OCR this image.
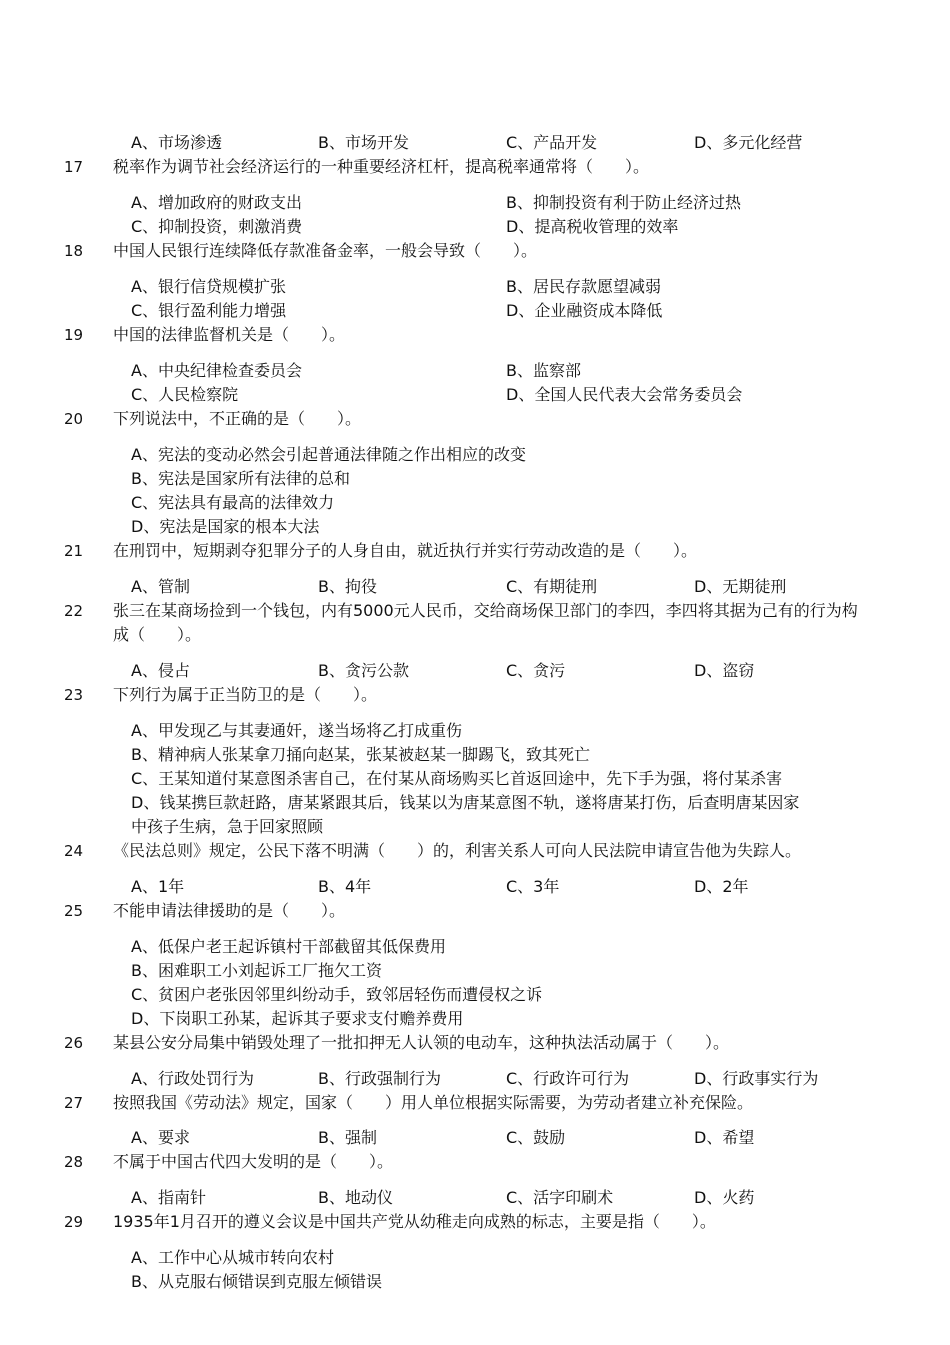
A、市场渗透	B、市场开发	C、产品开发	D、多元化经营
17 税率作为调节社会经济运行的一种重要经济杠杆，提高税率通常将（　　）。
A、增加政府的财政支出	B、抑制投资有利于防止经济过热
C、抑制投资，刺激消费	D、提高税收管理的效率
18 中国人民银行连续降低存款准备金率，一般会导致（　　）。
A、银行信贷规模扩张	B、居民存款愿望减弱
C、银行盈利能力增强	D、企业融资成本降低
19 中国的法律监督机关是（　　）。
A、中央纪律检查委员会	B、监察部
C、人民检察院	D、全国人民代表大会常务委员会
20 下列说法中，不正确的是（　　）。
A、宪法的变动必然会引起普通法律随之作出相应的改变
B、宪法是国家所有法律的总和
C、宪法具有最高的法律效力
D、宪法是国家的根本大法
21 在刑罚中，短期剥夺犯罪分子的人身自由，就近执行并实行劳动改造的是（　　）。
A、管制	B、拘役	C、有期徒刑	D、无期徒刑
22 张三在某商场捡到一个钱包，内有5000元人民币，交给商场保卫部门的李四，李四将其据为己有的行为构成（　　）。
A、侵占	B、贪污公款	C、贪污	D、盗窃
23 下列行为属于正当防卫的是（　　）。
A、甲发现乙与其妻通奸，遂当场将乙打成重伤
B、精神病人张某拿刀捅向赵某，张某被赵某一脚踢飞，致其死亡
C、王某知道付某意图杀害自己，在付某从商场购买匕首返回途中，先下手为强，将付某杀害
D、钱某携巨款赶路，唐某紧跟其后，钱某以为唐某意图不轨，遂将唐某打伤，后查明唐某因家
中孩子生病，急于回家照顾
24 《民法总则》规定，公民下落不明满（　　）的，利害关系人可向人民法院申请宣告他为失踪人。
A、1年	B、4年	C、3年	D、2年
25 不能申请法律援助的是（　　）。
A、低保户老王起诉镇村干部截留其低保费用
B、困难职工小刘起诉工厂拖欠工资
C、贫困户老张因邻里纠纷动手，致邻居轻伤而遭侵权之诉
D、下岗职工孙某，起诉其子要求支付赡养费用
26 某县公安分局集中销毁处理了一批扣押无人认领的电动车，这种执法活动属于（　　）。
A、行政处罚行为	B、行政强制行为	C、行政许可行为	D、行政事实行为
27 按照我国《劳动法》规定，国家（　　）用人单位根据实际需要，为劳动者建立补充保险。
A、要求	B、强制	C、鼓励	D、希望
28 不属于中国古代四大发明的是（　　）。
A、指南针	B、地动仪	C、活字印刷术	D、火药
29 1935年1月召开的遵义会议是中国共产党从幼稚走向成熟的标志，主要是指（　　）。
A、工作中心从城市转向农村
B、从克服右倾错误到克服左倾错误
